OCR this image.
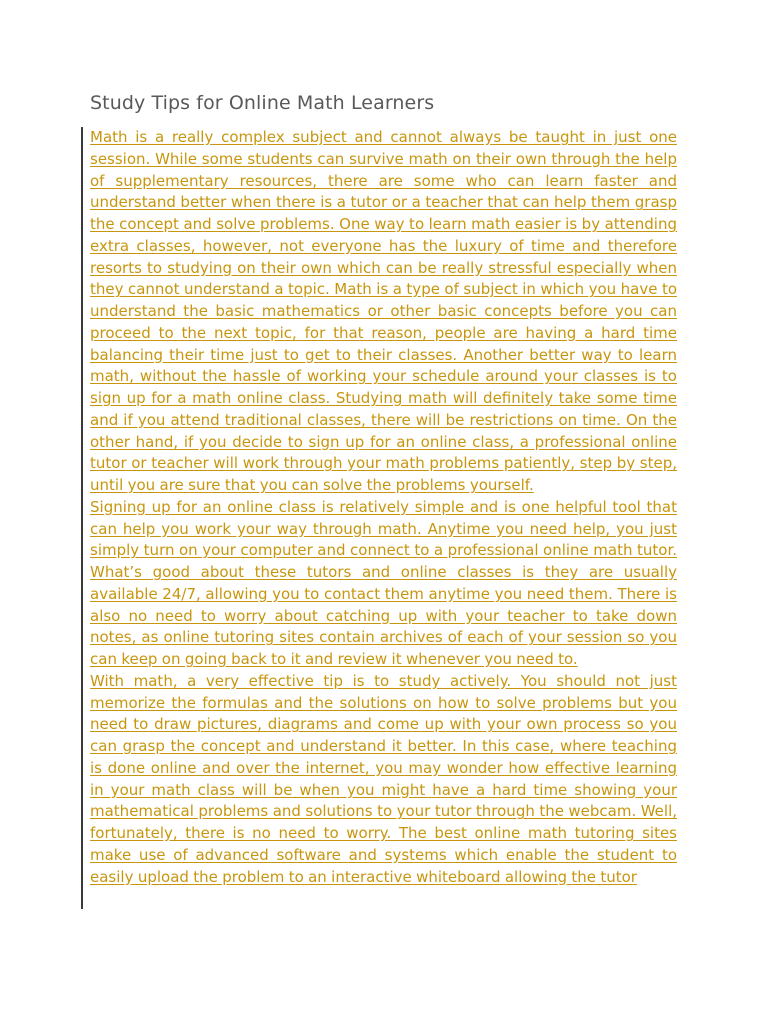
Study Tips for Online Math Learners

Math is a really complex subject and cannot always be taught in just one session. While some students can survive math on their own through the help of supplementary resources, there are some who can learn faster and understand better when there is a tutor or a teacher that can help them grasp the concept and solve problems. One way to learn math easier is by attending extra classes, however, not everyone has the luxury of time and therefore resorts to studying on their own which can be really stressful especially when they cannot understand a topic. Math is a type of subject in which you have to understand the basic mathematics or other basic concepts before you can proceed to the next topic, for that reason, people are having a hard time balancing their time just to get to their classes. Another better way to learn math, without the hassle of working your schedule around your classes is to sign up for a math online class. Studying math will definitely take some time and if you attend traditional classes, there will be restrictions on time. On the other hand, if you decide to sign up for an online class, a professional online tutor or teacher will work through your math problems patiently, step by step, until you are sure that you can solve the problems yourself.

Signing up for an online class is relatively simple and is one helpful tool that can help you work your way through math. Anytime you need help, you just simply turn on your computer and connect to a professional online math tutor. What’s good about these tutors and online classes is they are usually available 24/7, allowing you to contact them anytime you need them. There is also no need to worry about catching up with your teacher to take down notes, as online tutoring sites contain archives of each of your session so you can keep on going back to it and review it whenever you need to.

With math, a very effective tip is to study actively. You should not just memorize the formulas and the solutions on how to solve problems but you need to draw pictures, diagrams and come up with your own process so you can grasp the concept and understand it better. In this case, where teaching is done online and over the internet, you may wonder how effective learning in your math class will be when you might have a hard time showing your mathematical problems and solutions to your tutor through the webcam. Well, fortunately, there is no need to worry. The best online math tutoring sites make use of advanced software and systems which enable the student to easily upload the problem to an interactive whiteboard allowing the tutor
